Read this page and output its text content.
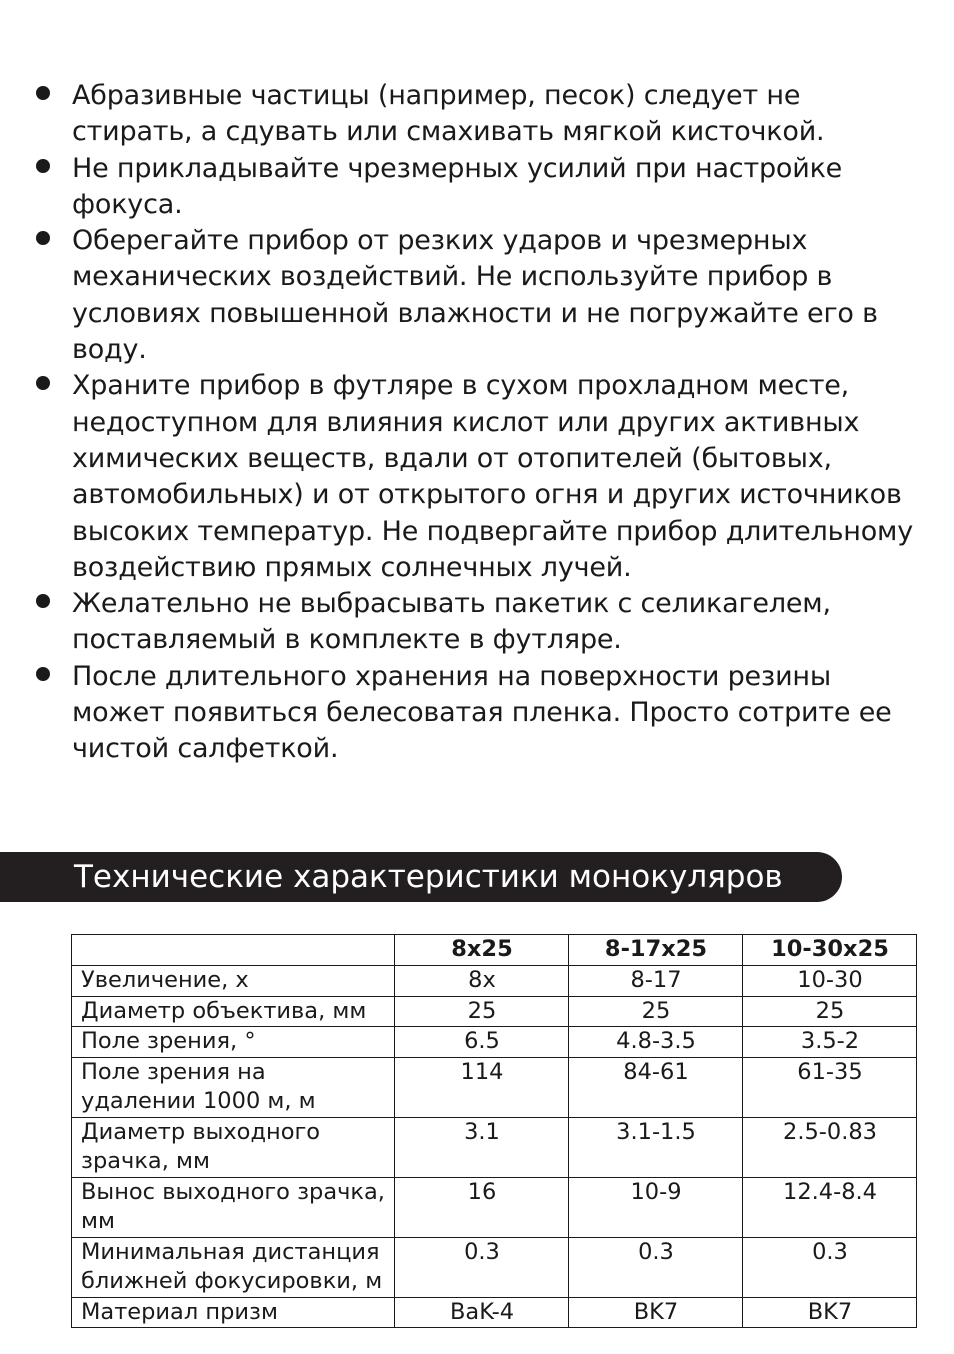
Абразивные частицы (например, песок) следует не стирать, а сдувать или смахивать мягкой кисточкой.
Не прикладывайте чрезмерных усилий при настройке фокуса.
Оберегайте прибор от резких ударов и чрезмерных механических воздействий. Не используйте прибор в условиях повышенной влажности и не погружайте его в воду.
Храните прибор в футляре в сухом прохладном месте, недоступном для влияния кислот или других активных химических веществ, вдали от отопителей (бытовых, автомобильных) и от открытого огня и других источников высоких температур. Не подвергайте прибор длительному воздействию прямых солнечных лучей.
Желательно не выбрасывать пакетик с селикагелем, поставляемый в комплекте в футляре.
После длительного хранения на поверхности резины может появиться белесоватая пленка. Просто сотрите ее чистой салфеткой.
Технические характеристики монокуляров
	8x25	8-17x25	10-30x25
Увеличение, x	8x	8-17	10-30
Диаметр объектива, мм	25	25	25
Поле зрения, °	6.5	4.8-3.5	3.5-2
Поле зрения на удалении 1000 м, м	114	84-61	61-35
Диаметр выходного зрачка, мм	3.1	3.1-1.5	2.5-0.83
Вынос выходного зрачка, мм	16	10-9	12.4-8.4
Минимальная дистанция ближней фокусировки, м	0.3	0.3	0.3
Материал призм	BaK-4	BK7	BK7
